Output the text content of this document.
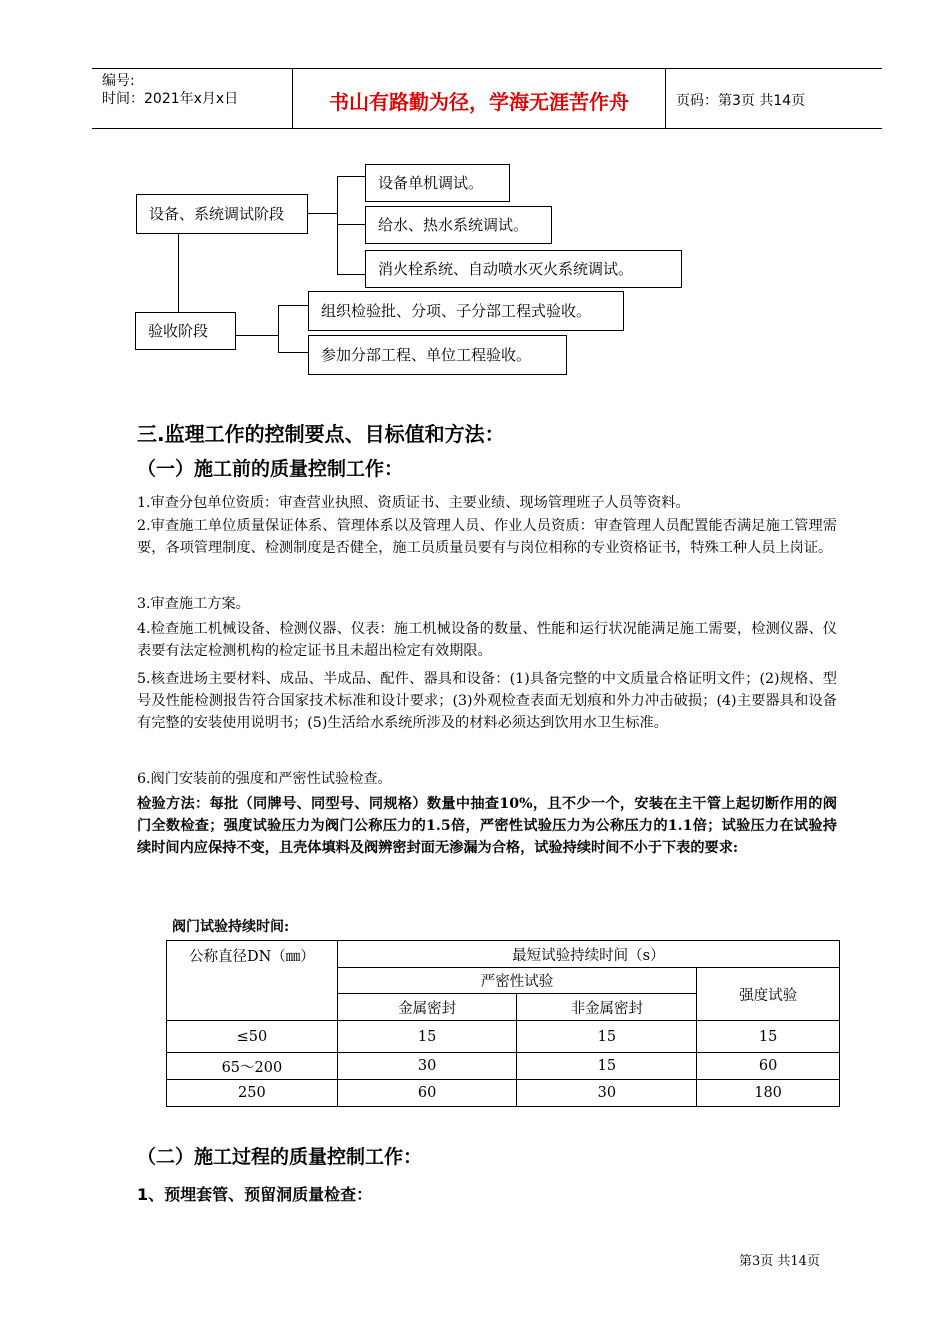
编号:
时间：2021年x月x日	书山有路勤为径，学海无涯苦作舟	页码：第3页 共14页
设备、系统调试阶段
设备单机调试。
给水、热水系统调试。
消火栓系统、自动喷水灭火系统调试。
验收阶段
组织检验批、分项、子分部工程式验收。
参加分部工程、单位工程验收。
三.监理工作的控制要点、目标值和方法：
（一）施工前的质量控制工作：
1.审查分包单位资质：审查营业执照、资质证书、主要业绩、现场管理班子人员等资料。
2.审查施工单位质量保证体系、管理体系以及管理人员、作业人员资质：审查管理人员配置能否满足施工管理需要，各项管理制度、检测制度是否健全，施工员质量员要有与岗位相称的专业资格证书，特殊工种人员上岗证。
3.审查施工方案。
4.检查施工机械设备、检测仪器、仪表：施工机械设备的数量、性能和运行状况能满足施工需要，检测仪器、仪表要有法定检测机构的检定证书且未超出检定有效期限。
5.核查进场主要材料、成品、半成品、配件、器具和设备：(1)具备完整的中文质量合格证明文件；(2)规格、型号及性能检测报告符合国家技术标准和设计要求；(3)外观检查表面无划痕和外力冲击破损；(4)主要器具和设备有完整的安装使用说明书；(5)生活给水系统所涉及的材料必须达到饮用水卫生标准。
6.阀门安装前的强度和严密性试验检查。
检验方法：每批（同牌号、同型号、同规格）数量中抽查10%，且不少一个，安装在主干管上起切断作用的阀门全数检查；强度试验压力为阀门公称压力的1.5倍，严密性试验压力为公称压力的1.1倍；试验压力在试验持续时间内应保持不变，且壳体填料及阀辨密封面无渗漏为合格，试验持续时间不小于下表的要求:
阀门试验持续时间:
公称直径DN（㎜）	最短试验持续时间（s）		
	严密性试验		强度试验
	金属密封	非金属密封	
≤50	15	15	15
65～200	30	15	60
250	60	30	180
（二）施工过程的质量控制工作：
1、预埋套管、预留洞质量检查：
第3页 共14页
